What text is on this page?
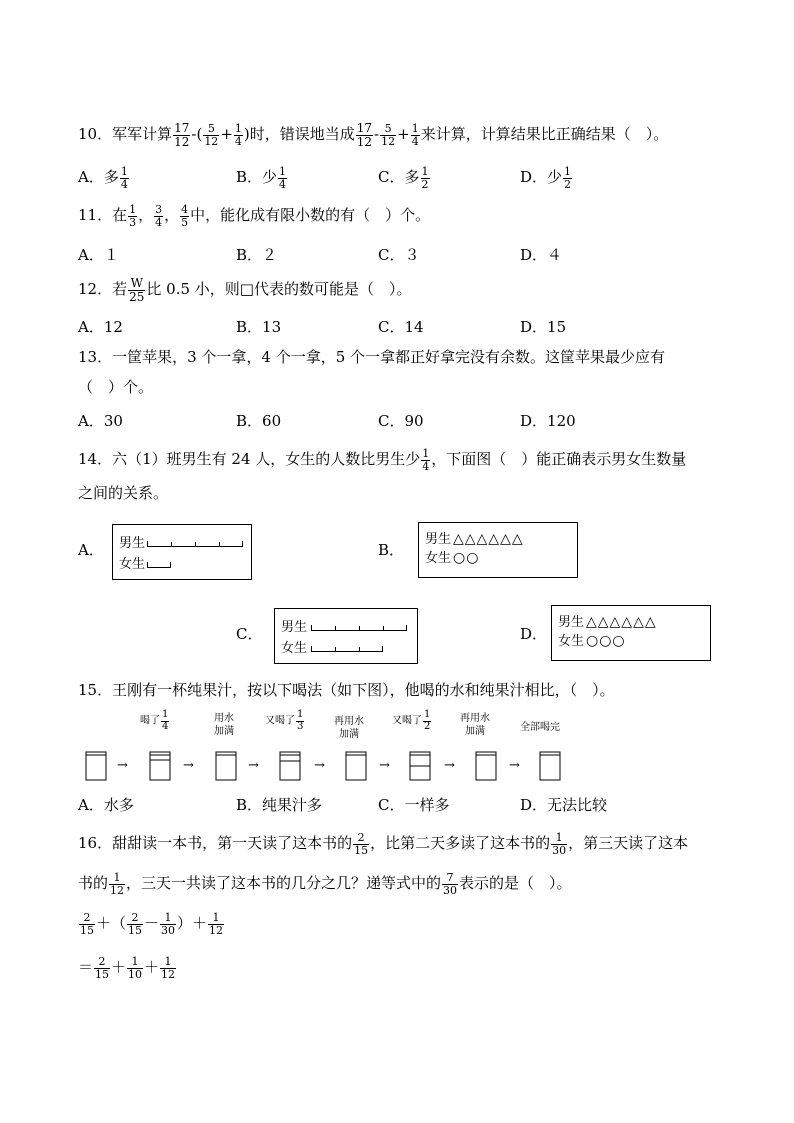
10．军军计算 $\frac{17}{12}$ -( $\frac{5}{12} + \frac{1}{4}$ )时，错误地当成 $\frac{17}{12} - \frac{5}{12} + \frac{1}{4}$ 来计算，计算结果比正确结果（　）。
A．多 $\frac{1}{4}$	B．少 $\frac{1}{4}$	C．多 $\frac{1}{2}$	D．少 $\frac{1}{2}$
11．在 $\frac{1}{3}$ ， $\frac{3}{4}$ ， $\frac{4}{5}$ 中，能化成有限小数的有（　）个。
A．１	B．２	C．３	D．４
12．若 $\frac{W}{25}$ 比 0.5 小，则□代表的数可能是（　）。
A．12	B．13	C．14	D．15
13．一筐苹果，3 个一拿，4 个一拿，5 个一拿都正好拿完没有余数。这筐苹果最少应有
（　）个。
A．30	B．60	C．90	D．120
14．六（1）班男生有 24 人，女生的人数比男生少 $\frac{1}{4}$ ，下面图（　）能正确表示男女生数量
之间的关系。
A． 男生
女生
B．
男生 △△△△△△
女生 ○○
C． 男生
女生
D．
男生 △△△△△△
女生 ○○○
15．王刚有一杯纯果汁，按以下喝法（如下图），他喝的水和纯果汁相比，（　）。
喝了 $\frac{1}{4}$	用水
加满
又喝了 $\frac{1}{3}$	再用水
加满
又喝了 $\frac{1}{2}$	再用水
加满	全部喝完
→	→	→	→	→	→	→
A．水多	B．纯果汁多	C．一样多	D．无法比较
16．甜甜读一本书，第一天读了这本书的 $\frac{2}{15}$ ，比第二天多读了这本书的 $\frac{1}{30}$ ，第三天读了这本
书的 $\frac{1}{12}$ ，三天一共读了这本书的几分之几？递等式中的 $\frac{7}{30}$ 表示的是（　）。
$\frac{2}{15}$ ＋（ $\frac{2}{15} - \frac{1}{30}$ ）＋ $\frac{1}{12}$
＝ $\frac{2}{15} + \frac{1}{10} + \frac{1}{12}$
